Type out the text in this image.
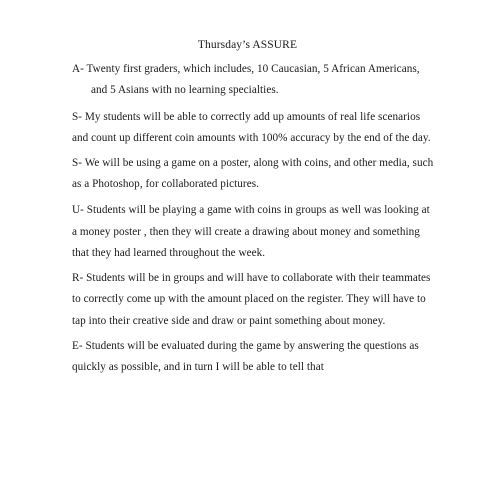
Thursday’s ASSURE
A- Twenty first graders, which includes, 10 Caucasian, 5 African Americans,
and 5 Asians with no learning specialties.
S- My students will be able to correctly add up amounts of real life scenarios
and count up different coin amounts with 100% accuracy by the end of the day.
S- We will be using a game on a poster, along with coins, and other media, such
as a Photoshop, for collaborated pictures.
U- Students will be playing a game with coins in groups as well was looking at
a money poster , then they will create a drawing about money and something
that they had learned throughout the week.
R- Students will be in groups and will have to collaborate with their teammates
to correctly come up with the amount placed on the register. They will have to
tap into their creative side and draw or paint something about money.
E- Students will be evaluated during the game by answering the questions as
quickly as possible, and in turn I will be able to tell that
